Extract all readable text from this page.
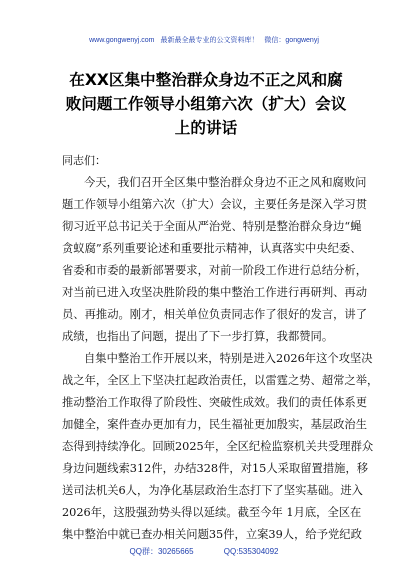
www.gongwenyj.com 最新最全最专业的公文资料库！ 微信：gongwenyj
在XX区集中整治群众身边不正之风和腐
败问题工作领导小组第六次（扩大）会议
上的讲话
同志们：
今天，我们召开全区集中整治群众身边不正之风和腐败问
题工作领导小组第六次（扩大）会议，主要任务是深入学习贯
彻习近平总书记关于全面从严治党、特别是整治群众身边“蝇
贪蚁腐”系列重要论述和重要批示精神，认真落实中央纪委、
省委和市委的最新部署要求，对前一阶段工作进行总结分析，
对当前已进入攻坚决胜阶段的集中整治工作进行再研判、再动
员、再推动。刚才，相关单位负责同志作了很好的发言，讲了
成绩，也指出了问题，提出了下一步打算，我都赞同。
自集中整治工作开展以来，特别是进入2026年这个攻坚决
战之年，全区上下坚决扛起政治责任，以雷霆之势、超常之举，
推动整治工作取得了阶段性、突破性成效。我们的责任体系更
加健全，案件查办更加有力，民生福祉更加殷实，基层政治生
态得到持续净化。回顾2025年，全区纪检监察机关共受理群众
身边问题线索312件，办结328件，对15人采取留置措施，移
送司法机关6人，为净化基层政治生态打下了坚实基础。进入
2026年，这股强劲势头得以延续。截至今年 1月底，全区在
集中整治中就已查办相关问题35件，立案39人，给予党纪政
QQ群：30265665	QQ:535304092
